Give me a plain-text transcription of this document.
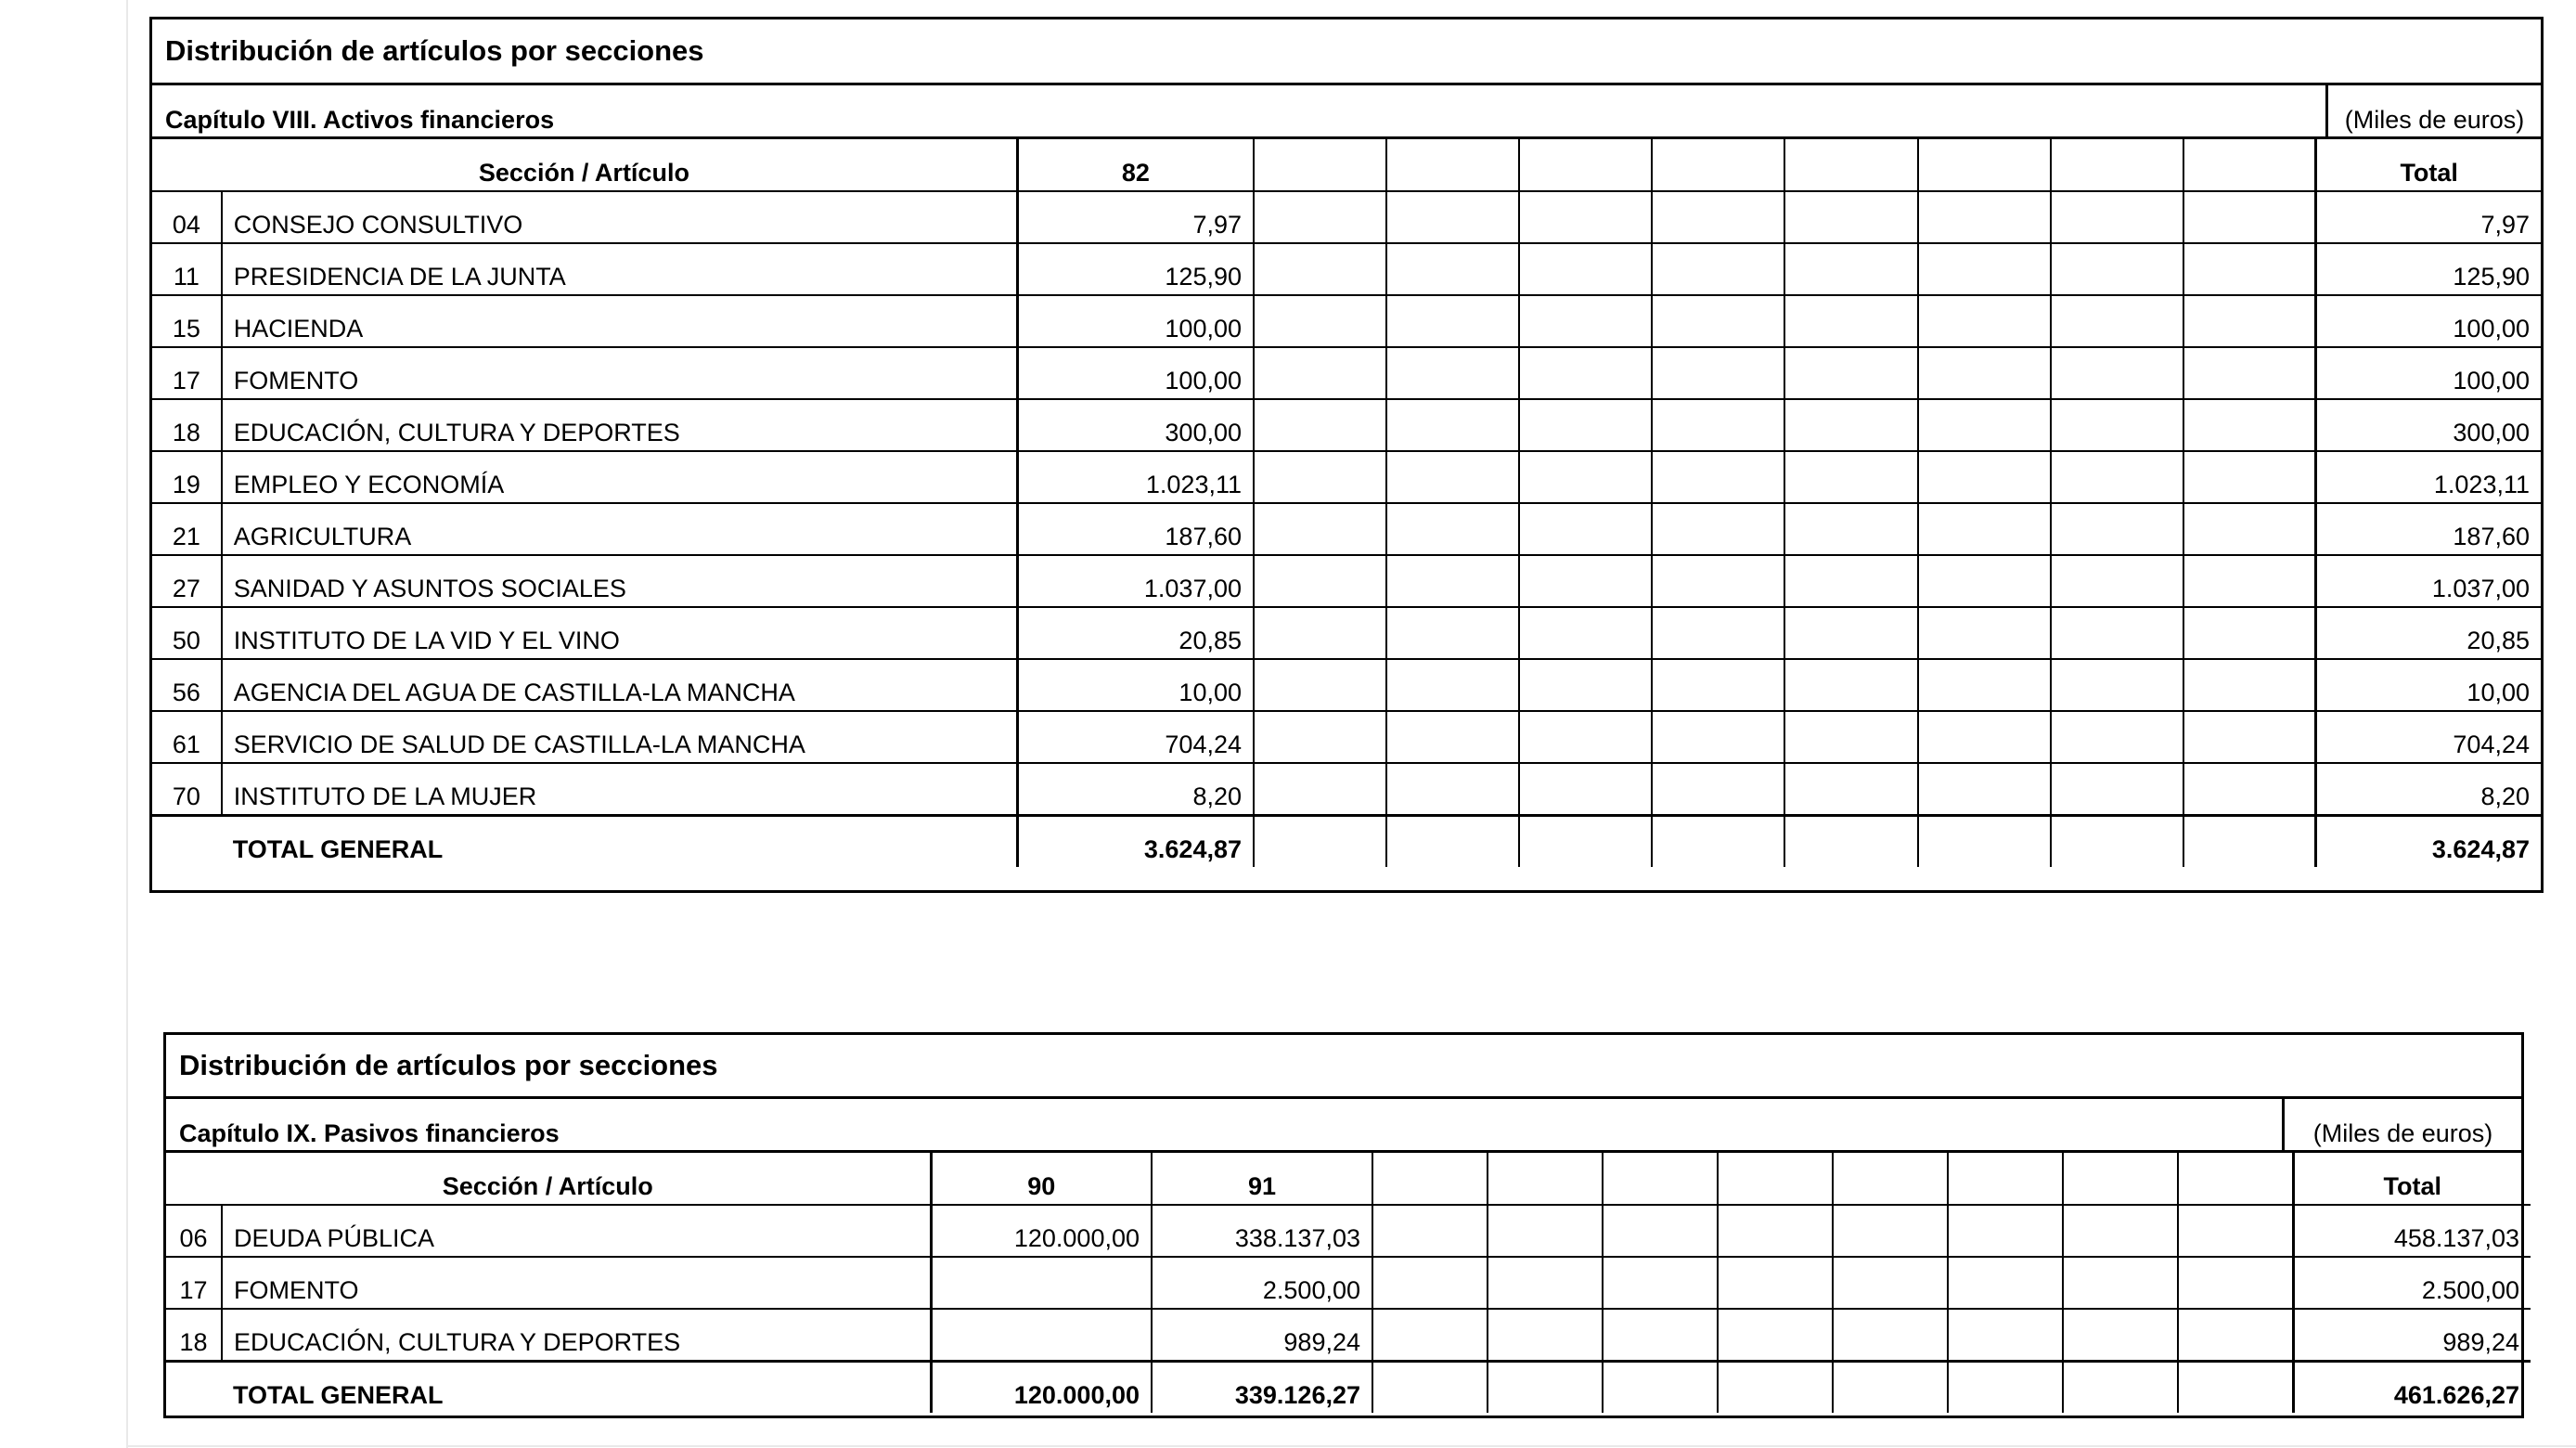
Distribución de artículos por secciones
Capítulo VIII. Activos financieros	(Miles de euros)
Sección / Artículo		82									Total
04	CONSEJO CONSULTIVO	7,97									7,97
11	PRESIDENCIA DE LA JUNTA	125,90									125,90
15	HACIENDA	100,00									100,00
17	FOMENTO	100,00									100,00
18	EDUCACIÓN, CULTURA Y DEPORTES	300,00									300,00
19	EMPLEO Y ECONOMÍA	1.023,11									1.023,11
21	AGRICULTURA	187,60									187,60
27	SANIDAD Y ASUNTOS SOCIALES	1.037,00									1.037,00
50	INSTITUTO DE LA VID Y EL VINO	20,85									20,85
56	AGENCIA DEL AGUA DE CASTILLA-LA MANCHA	10,00									10,00
61	SERVICIO DE SALUD DE CASTILLA-LA MANCHA	704,24									704,24
70	INSTITUTO DE LA MUJER	8,20									8,20
	TOTAL GENERAL	3.624,87									3.624,87
Distribución de artículos por secciones
Capítulo IX. Pasivos financieros	(Miles de euros)
Sección / Artículo		90	91									Total
06	DEUDA PÚBLICA	120.000,00	338.137,03									458.137,03
17	FOMENTO		2.500,00									2.500,00
18	EDUCACIÓN, CULTURA Y DEPORTES		989,24									989,24
	TOTAL GENERAL	120.000,00	339.126,27									461.626,27
